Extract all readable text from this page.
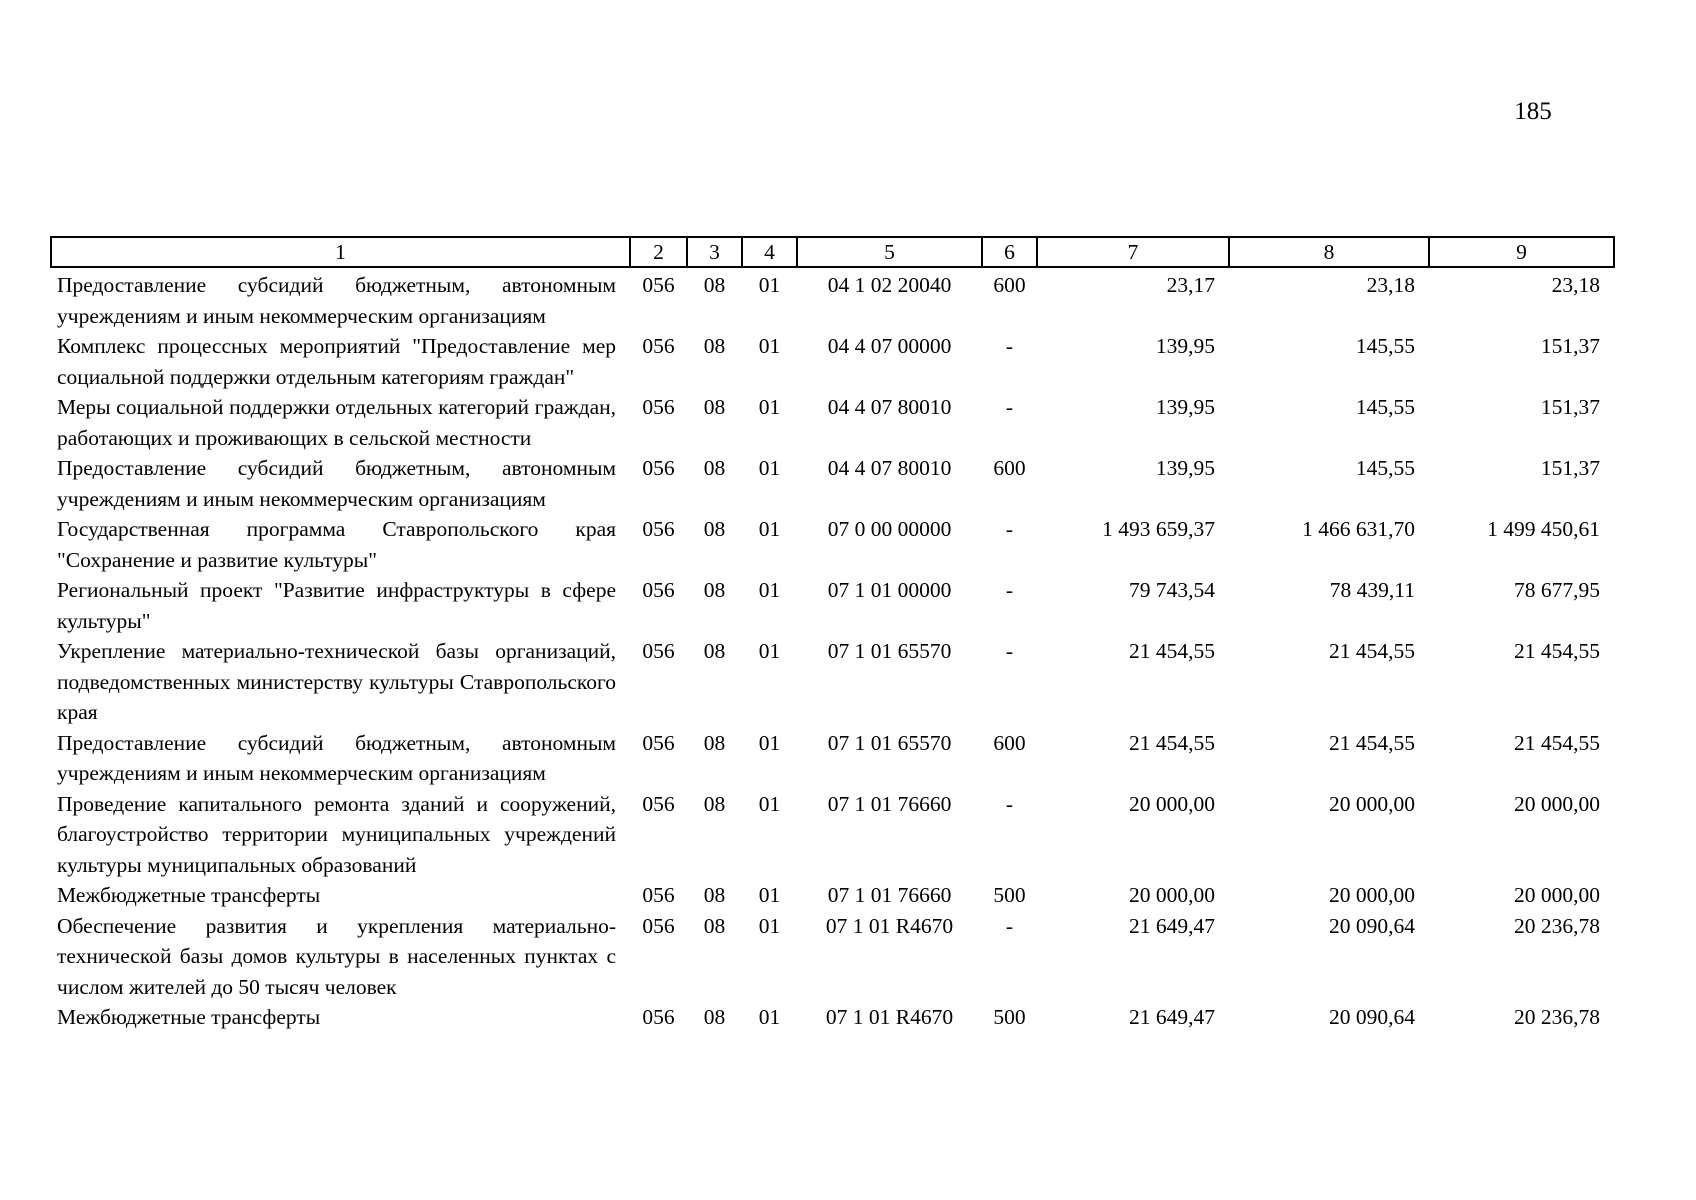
185
1	2	3	4	5	6	7	8	9
Предоставление субсидий бюджетным, автономным учреждениям и иным некоммерческим организациям	056	08	01	04 1 02 20040	600	23,17	23,18	23,18
Комплекс процессных мероприятий "Предоставление мер социальной поддержки отдельным категориям граждан"	056	08	01	04 4 07 00000	-	139,95	145,55	151,37
Меры социальной поддержки отдельных категорий граждан, работающих и проживающих в сельской местности	056	08	01	04 4 07 80010	-	139,95	145,55	151,37
Предоставление субсидий бюджетным, автономным учреждениям и иным некоммерческим организациям	056	08	01	04 4 07 80010	600	139,95	145,55	151,37
Государственная программа Ставропольского края "Сохранение и развитие культуры"	056	08	01	07 0 00 00000	-	1 493 659,37	1 466 631,70	1 499 450,61
Региональный проект "Развитие инфраструктуры в сфере культуры"	056	08	01	07 1 01 00000	-	79 743,54	78 439,11	78 677,95
Укрепление материально-технической базы организаций, подведомственных министерству культуры Ставропольского края	056	08	01	07 1 01 65570	-	21 454,55	21 454,55	21 454,55
Предоставление субсидий бюджетным, автономным учреждениям и иным некоммерческим организациям	056	08	01	07 1 01 65570	600	21 454,55	21 454,55	21 454,55
Проведение капитального ремонта зданий и сооружений, благоустройство территории муниципальных учреждений культуры муниципальных образований	056	08	01	07 1 01 76660	-	20 000,00	20 000,00	20 000,00
Межбюджетные трансферты	056	08	01	07 1 01 76660	500	20 000,00	20 000,00	20 000,00
Обеспечение развития и укрепления материально-технической базы домов культуры в населенных пунктах с числом жителей до 50 тысяч человек	056	08	01	07 1 01 R4670	-	21 649,47	20 090,64	20 236,78
Межбюджетные трансферты	056	08	01	07 1 01 R4670	500	21 649,47	20 090,64	20 236,78
